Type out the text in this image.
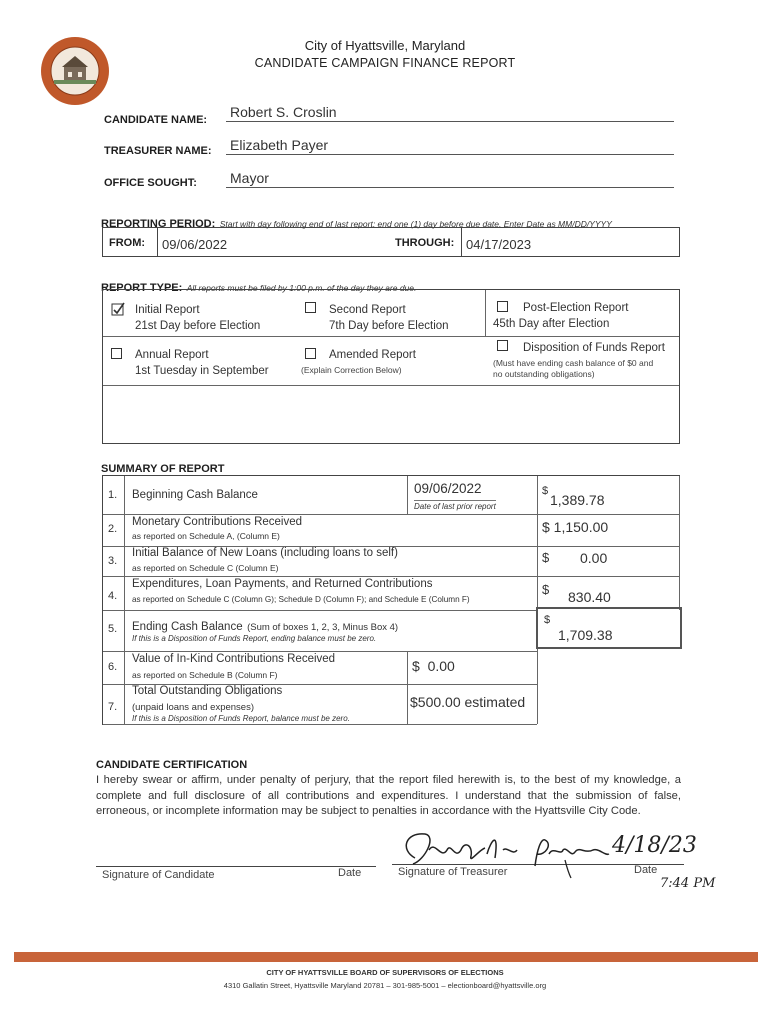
City of Hyattsville, Maryland
CANDIDATE CAMPAIGN FINANCE REPORT
CANDIDATE NAME: Robert S. Croslin
TREASURER NAME: Elizabeth Payer
OFFICE SOUGHT: Mayor
REPORTING PERIOD: Start with day following end of last report; end one (1) day before due date. Enter Date as MM/DD/YYYY
FROM: 09/06/2022	THROUGH: 04/17/2023
REPORT TYPE: All reports must be filed by 1:00 p.m. of the day they are due.
Initial Report
21st Day before Election
Second Report
7th Day before Election
Post-Election Report
45th Day after Election
Annual Report
1st Tuesday in September
Amended Report
(Explain Correction Below)
Disposition of Funds Report
(Must have ending cash balance of $0 and
no outstanding obligations)
SUMMARY OF REPORT
1. Beginning Cash Balance	09/06/2022
Date of last prior report
$
1,389.78
2.
Monetary Contributions Received
as reported on Schedule A, (Column E)
$ 1,150.00
3.
Initial Balance of New Loans (including loans to self)
as reported on Schedule C (Column E)
$ 0.00
4.
Expenditures, Loan Payments, and Returned Contributions
as reported on Schedule C (Column G); Schedule D (Column F); and Schedule E (Column F)
$ 830.40
5. Ending Cash Balance (Sum of boxes 1, 2, 3, Minus Box 4)
If this is a Disposition of Funds Report, ending balance must be zero.
$
1,709.38
6.
Value of In-Kind Contributions Received
as reported on Schedule B (Column F)
$  0.00
7.
Total Outstanding Obligations
(unpaid loans and expenses)
If this is a Disposition of Funds Report, balance must be zero.
$500.00 estimated
CANDIDATE CERTIFICATION
I hereby swear or affirm, under penalty of perjury, that the report filed herewith is, to the best of my knowledge, a complete and full disclosure of all contributions and expenditures. I understand that the submission of false, erroneous, or incomplete information may be subject to penalties in accordance with the Hyattsville City Code.
Signature of Candidate	Date	Signature of Treasurer	Date
4/18/23
7:44 PM
CITY OF HYATTSVILLE BOARD OF SUPERVISORS OF ELECTIONS
4310 Gallatin Street, Hyattsville Maryland 20781 – 301-985-5001 – electionboard@hyattsville.org
